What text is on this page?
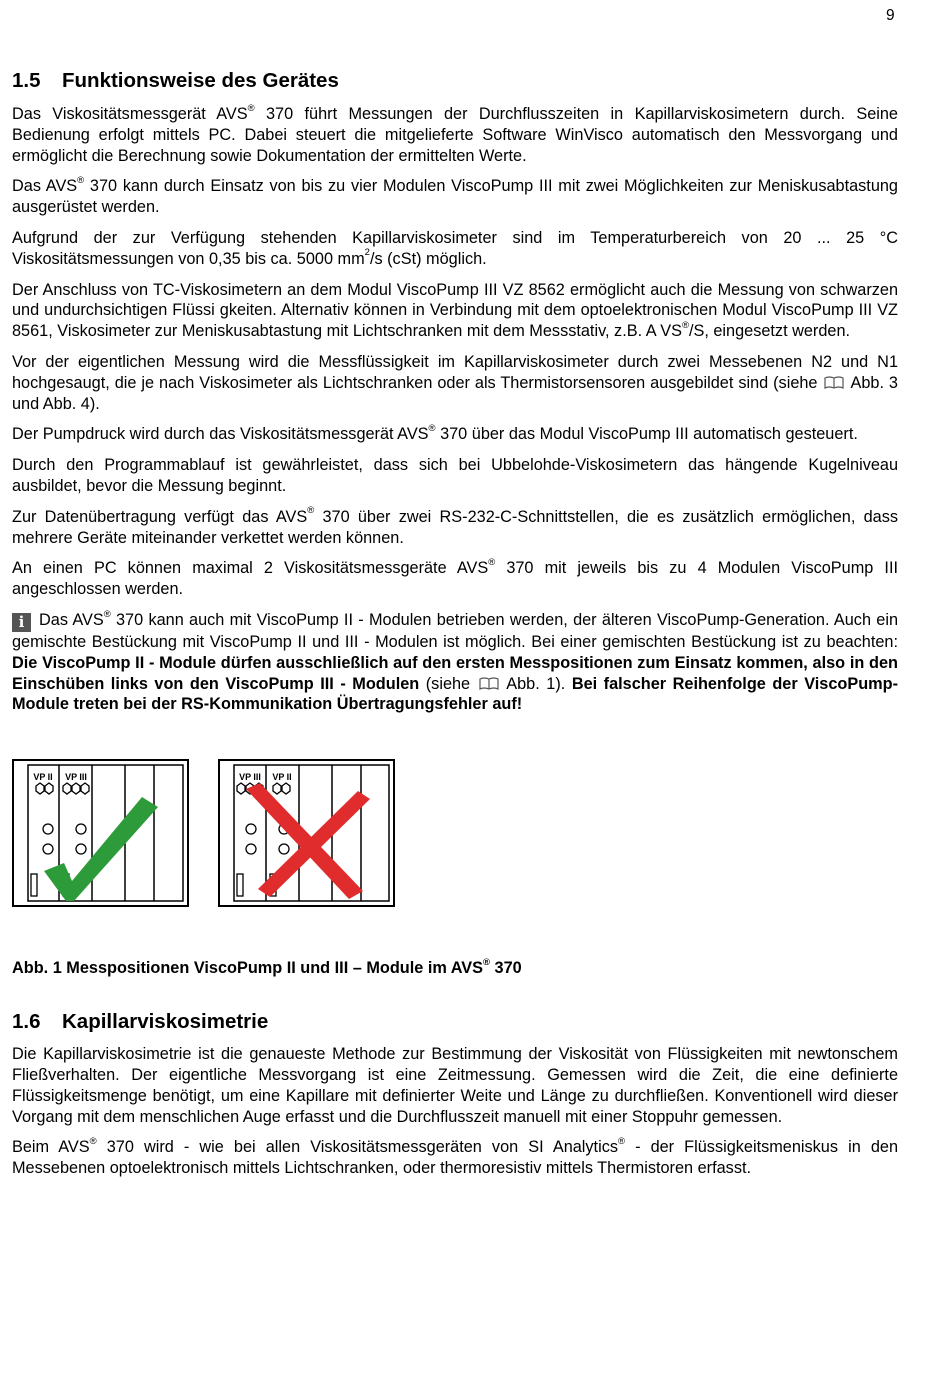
9
1.5 Funktionsweise des Gerätes

Das Viskositätsmessgerät AVS® 370 führt Messungen der Durchflusszeiten in Kapillarviskosimetern durch. Seine Bedienung erfolgt mittels PC. Dabei steuert die mitgelieferte Software WinVisco automatisch den Messvorgang und ermöglicht die Berechnung sowie Dokumentation der ermittelten Werte.

Das AVS® 370 kann durch Einsatz von bis zu vier Modulen ViscoPump III mit zwei Möglichkeiten zur Meniskusabtastung ausgerüstet werden.

Aufgrund der zur Verfügung stehenden Kapillarviskosimeter sind im Temperaturbereich von 20 ... 25 °C Viskositätsmessungen von 0,35 bis ca. 5000 $mm^2/s$ (cSt) möglich.

Der Anschluss von TC-Viskosimetern an dem Modul ViscoPump III VZ 8562 ermöglicht auch die Messung von schwarzen und undurchsichtigen Flüssi gkeiten. Alternativ können in Verbindung mit dem optoelektronischen Modul ViscoPump III VZ 8561, Viskosimeter zur Meniskusabtastung mit Lichtschranken mit dem Messstativ, z.B. A VS®/S, eingesetzt werden.

Vor der eigentlichen Messung wird die Messflüssigkeit im Kapillarviskosimeter durch zwei Messebenen N2 und N1 hochgesaugt, die je nach Viskosimeter als Lichtschranken oder als Thermistorsensoren ausgebildet sind (siehe  Abb. 3 und Abb. 4).

Der Pumpdruck wird durch das Viskositätsmessgerät AVS® 370 über das Modul ViscoPump III automatisch gesteuert.

Durch den Programmablauf ist gewährleistet, dass sich bei Ubbelohde-Viskosimetern das hängende Kugelniveau ausbildet, bevor die Messung beginnt.

Zur Datenübertragung verfügt das AVS® 370 über zwei RS-232-C-Schnittstellen, die es zusätzlich ermöglichen, dass mehrere Geräte miteinander verkettet werden können.

An einen PC können maximal 2 Viskositätsmessgeräte AVS® 370 mit jeweils bis zu 4 Modulen ViscoPump III angeschlossen werden.

i Das AVS® 370 kann auch mit ViscoPump II - Modulen betrieben werden, der älteren ViscoPump-Generation. Auch ein gemischte Bestückung mit ViscoPump II und III - Modulen ist möglich. Bei einer gemischten Bestückung ist zu beachten: Die ViscoPump II - Module dürfen ausschließlich auf den ersten Messpositionen zum Einsatz kommen, also in den Einschüben links von den ViscoPump III - Modulen (siehe  Abb. 1). Bei falscher Reihenfolge der ViscoPump-Module treten bei der RS-Kommunikation Übertragungsfehler auf!

VP II VP III	VP III VP II
Abb. 1 Messpositionen ViscoPump II und III – Module im AVS® 370
1.6 Kapillarviskosimetrie

Die Kapillarviskosimetrie ist die genaueste Methode zur Bestimmung der Viskosität von Flüssigkeiten mit newtonschem Fließverhalten. Der eigentliche Messvorgang ist eine Zeitmessung. Gemessen wird die Zeit, die eine definierte Flüssigkeitsmenge benötigt, um eine Kapillare mit definierter Weite und Länge zu durchfließen. Konventionell wird dieser Vorgang mit dem menschlichen Auge erfasst und die Durchflusszeit manuell mit einer Stoppuhr gemessen.

Beim AVS® 370 wird - wie bei allen Viskositätsmessgeräten von SI Analytics® - der Flüssigkeitsmeniskus in den Messebenen optoelektronisch mittels Lichtschranken, oder thermoresistiv mittels Thermistoren erfasst.
